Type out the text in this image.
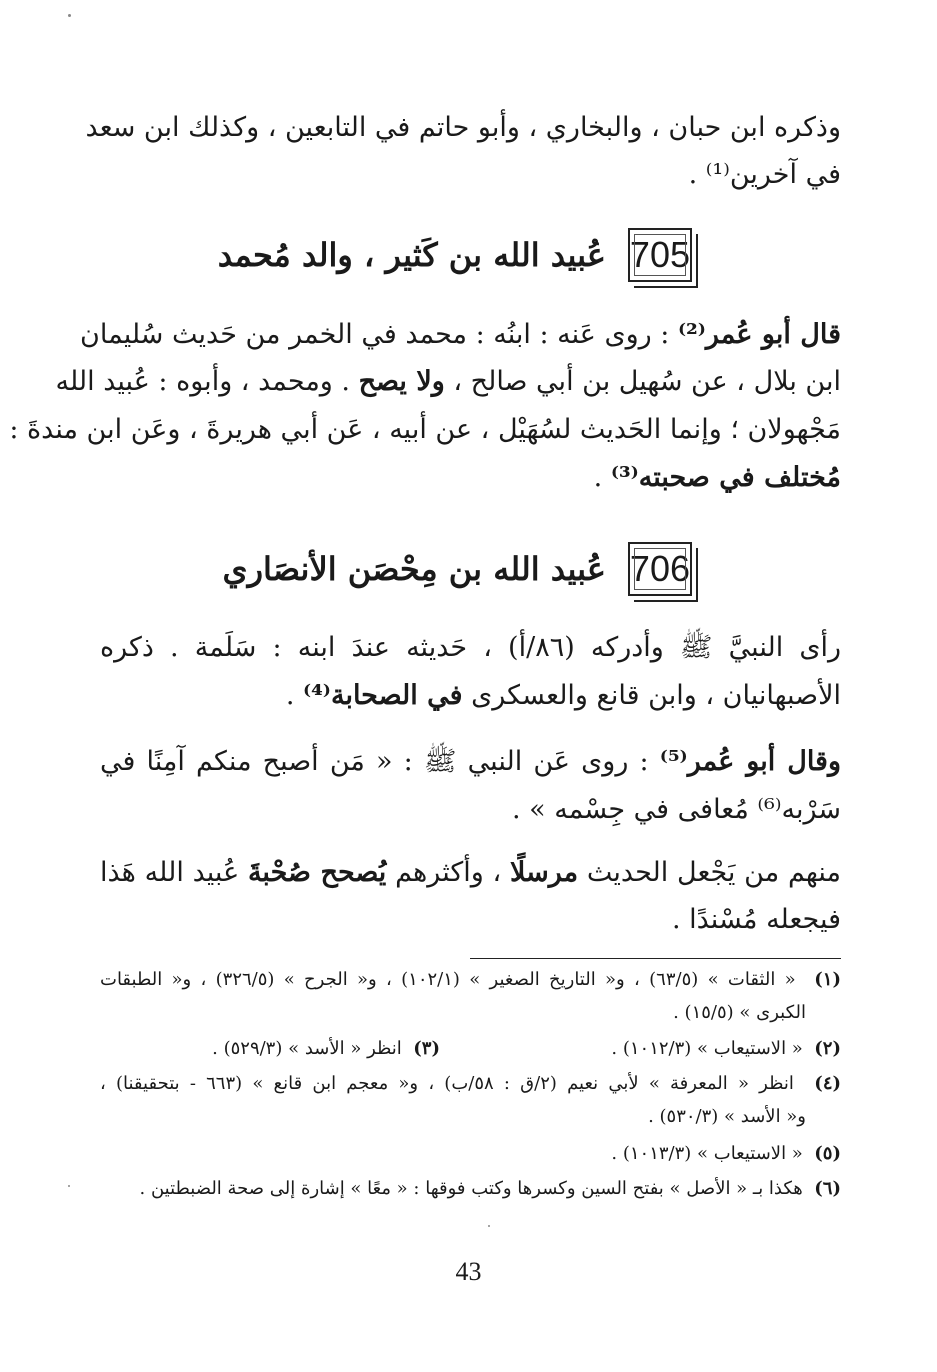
وذكره ابن حبان ، والبخاري ، وأبو حاتم في التابعين ، وكذلك ابن سعد
في آخرين⁽¹⁾ .
705
عُبيد الله بن كَثير ، والد مُحمد
قال أبو عُمر⁽²⁾ : روى عَنه : ابنُه : محمد في الخمر من حَديث سُليمان
ابن بلال ، عن سُهيل بن أبي صالح ، ولا يصح . ومحمد ، وأبوه : عُبيد الله
مَجْهولان ؛ وإنما الحَديث لسُهَيْل ، عن أبيه ، عَن أبي هريرةَ ، وعَن ابن مندةَ :
مُختلف في صحبته⁽³⁾ .
706
عُبيد الله بن مِحْصَن الأنصَاري
رأى النبيَّ ﷺ وأدركه (٨٦/أ) ، حَديثه عندَ ابنه : سَلَمة . ذكره
الأصبهانيان ، وابن قانع والعسكرى في الصحابة⁽⁴⁾ .
وقال أبو عُمر⁽⁵⁾ : روى عَن النبي ﷺ : « مَن أصبح منكم آمِنًا في
سَرْبه⁽⁶⁾ مُعافى في جِسْمه » .
منهم من يَجْعل الحديث مرسلًا ، وأكثرهم يُصحح صُحْبةَ عُبيد الله هَذا
فيجعله مُسْندًا .
(١)  « الثقات » (٦٣/٥) ، و« التاريخ الصغير » (١٠٢/١) ، و« الجرح » (٣٢٦/٥) ، و« الطبقات
الكبرى » (١٥/٥) .
(٢)  « الاستيعاب » (١٠١٢/٣) .
(٣)  انظر « الأسد » (٥٢٩/٣) .
(٤)  انظر « المعرفة » لأبي نعيم (٢/ق : ٥٨/ب) ، و« معجم ابن قانع » (٦٦٣ - بتحقيقنا) ،
و« الأسد » (٥٣٠/٣) .
(٥)  « الاستيعاب » (١٠١٣/٣) .
(٦)  هكذا بـ « الأصل » بفتح السين وكسرها وكتب فوقها : « معًا » إشارة إلى صحة الضبطتين .
43
